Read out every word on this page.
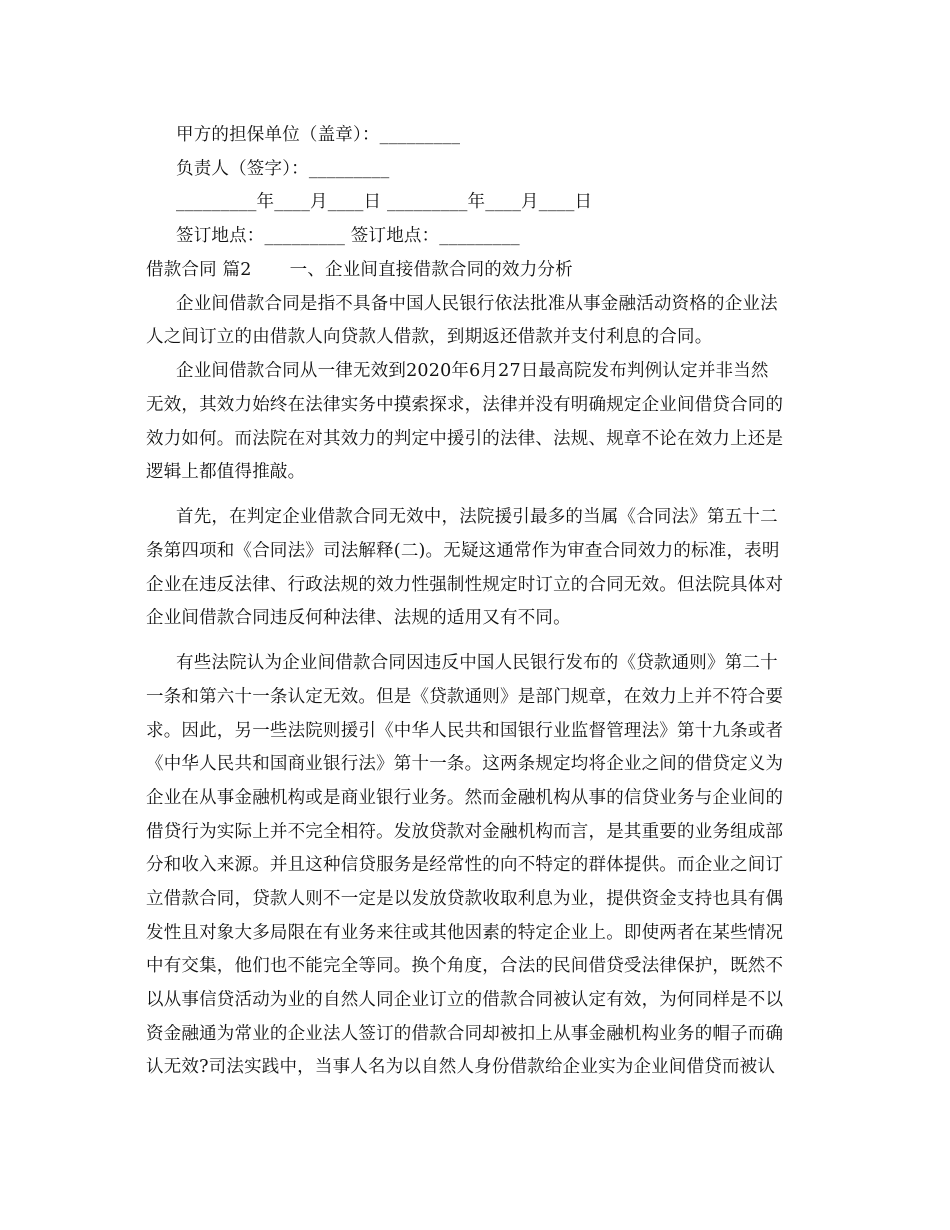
甲方的担保单位（盖章）：_________
负责人（签字）：_________
_________年____月____日 _________年____月____日
签订地点：_________ 签订地点：_________
借款合同 篇2 一、企业间直接借款合同的效力分析
企业间借款合同是指不具备中国人民银行依法批准从事金融活动资格的企业法
人之间订立的由借款人向贷款人借款，到期返还借款并支付利息的合同。
企业间借款合同从一律无效到2020年6月27日最高院发布判例认定并非当然
无效，其效力始终在法律实务中摸索探求，法律并没有明确规定企业间借贷合同的
效力如何。而法院在对其效力的判定中援引的法律、法规、规章不论在效力上还是
逻辑上都值得推敲。
首先，在判定企业借款合同无效中，法院援引最多的当属《合同法》第五十二
条第四项和《合同法》司法解释(二)。无疑这通常作为审查合同效力的标准，表明
企业在违反法律、行政法规的效力性强制性规定时订立的合同无效。但法院具体对
企业间借款合同违反何种法律、法规的适用又有不同。
有些法院认为企业间借款合同因违反中国人民银行发布的《贷款通则》第二十
一条和第六十一条认定无效。但是《贷款通则》是部门规章，在效力上并不符合要
求。因此，另一些法院则援引《中华人民共和国银行业监督管理法》第十九条或者
《中华人民共和国商业银行法》第十一条。这两条规定均将企业之间的借贷定义为
企业在从事金融机构或是商业银行业务。然而金融机构从事的信贷业务与企业间的
借贷行为实际上并不完全相符。发放贷款对金融机构而言，是其重要的业务组成部
分和收入来源。并且这种信贷服务是经常性的向不特定的群体提供。而企业之间订
立借款合同，贷款人则不一定是以发放贷款收取利息为业，提供资金支持也具有偶
发性且对象大多局限在有业务来往或其他因素的特定企业上。即使两者在某些情况
中有交集，他们也不能完全等同。换个角度，合法的民间借贷受法律保护，既然不
以从事信贷活动为业的自然人同企业订立的借款合同被认定有效，为何同样是不以
资金融通为常业的企业法人签订的借款合同却被扣上从事金融机构业务的帽子而确
认无效?司法实践中，当事人名为以自然人身份借款给企业实为企业间借贷而被认
